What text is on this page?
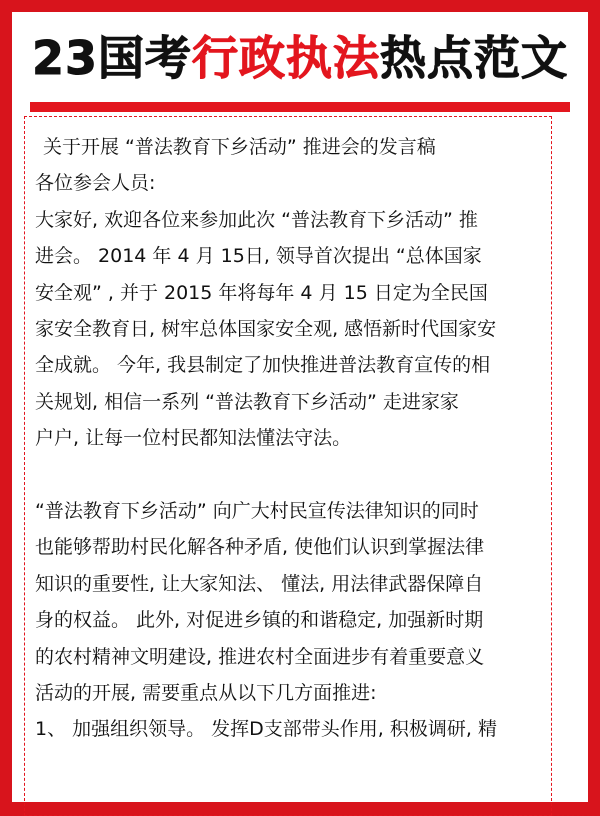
23国考行政执法热点范文
关于开展 “普法教育下乡活动” 推进会的发言稿
各位参会人员:
大家好, 欢迎各位来参加此次 “普法教育下乡活动” 推
进会。 2014 年 4 月 15日, 领导首次提出 “总体国家
安全观” , 并于 2015 年将每年 4 月 15 日定为全民国
家安全教育日, 树牢总体国家安全观, 感悟新时代国家安
全成就。 今年, 我县制定了加快推进普法教育宣传的相
关规划, 相信一系列 “普法教育下乡活动” 走进家家
户户, 让每一位村民都知法懂法守法。
“普法教育下乡活动” 向广大村民宣传法律知识的同时
也能够帮助村民化解各种矛盾, 使他们认识到掌握法律
知识的重要性, 让大家知法、 懂法, 用法律武器保障自
身的权益。 此外, 对促进乡镇的和谐稳定, 加强新时期
的农村精神文明建设, 推进农村全面进步有着重要意义
活动的开展, 需要重点从以下几方面推进:
1、 加强组织领导。 发挥D支部带头作用, 积极调研, 精
